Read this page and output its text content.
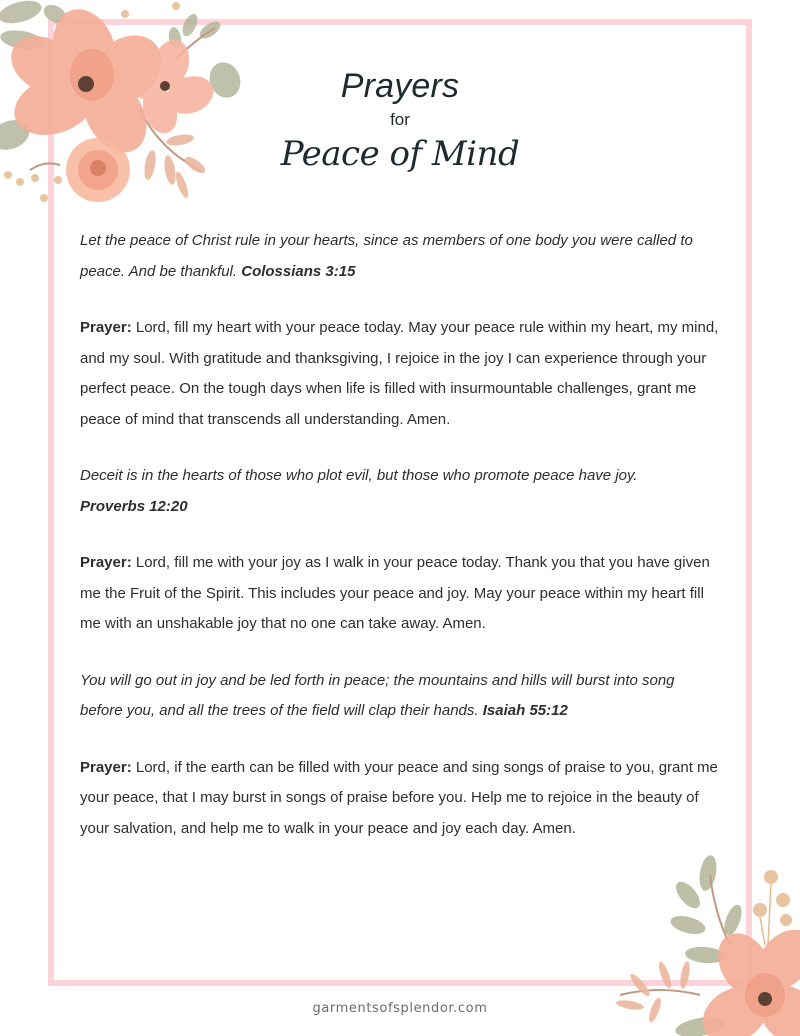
Prayers
for
Peace of Mind

Let the peace of Christ rule in your hearts, since as members of one body you were called to peace. And be thankful. Colossians 3:15

Prayer: Lord, fill my heart with your peace today. May your peace rule within my heart, my mind, and my soul. With gratitude and thanksgiving, I rejoice in the joy I can experience through your perfect peace. On the tough days when life is filled with insurmountable challenges, grant me peace of mind that transcends all understanding. Amen.

Deceit is in the hearts of those who plot evil, but those who promote peace have joy.
Proverbs 12:20

Prayer: Lord, fill me with your joy as I walk in your peace today. Thank you that you have given me the Fruit of the Spirit. This includes your peace and joy. May your peace within my heart fill me with an unshakable joy that no one can take away. Amen.

You will go out in joy and be led forth in peace; the mountains and hills will burst into song before you, and all the trees of the field will clap their hands. Isaiah 55:12

Prayer: Lord, if the earth can be filled with your peace and sing songs of praise to you, grant me your peace, that I may burst in songs of praise before you. Help me to rejoice in the beauty of your salvation, and help me to walk in your peace and joy each day. Amen.

garmentsofsplendor.com
